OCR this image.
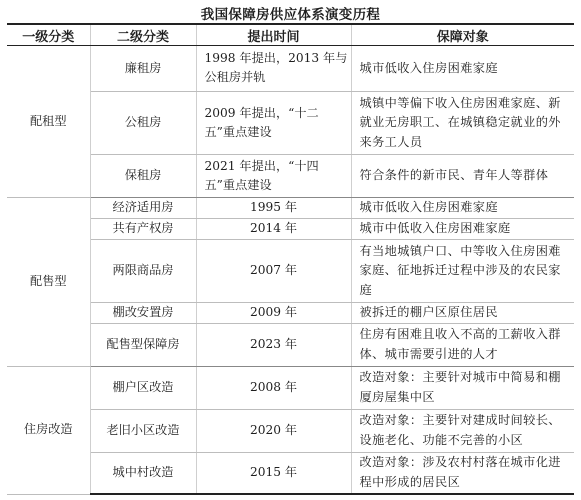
我国保障房供应体系演变历程
一级分类	二级分类	提出时间	保障对象
配租型	廉租房	1998 年提出，2013 年与公租房并轨	城市低收入住房困难家庭
	公租房	2009 年提出，“十二五”重点建设	城镇中等偏下收入住房困难家庭、新就业无房职工、在城镇稳定就业的外来务工人员
	保租房	2021 年提出，“十四五”重点建设	符合条件的新市民、青年人等群体
配售型	经济适用房	1995 年	城市低收入住房困难家庭
	共有产权房	2014 年	城市中低收入住房困难家庭
	两限商品房	2007 年	有当地城镇户口、中等收入住房困难家庭、征地拆迁过程中涉及的农民家庭
	棚改安置房	2009 年	被拆迁的棚户区原住居民
	配售型保障房	2023 年	住房有困难且收入不高的工薪收入群体、城市需要引进的人才
住房改造	棚户区改造	2008 年	改造对象：主要针对城市中简易和棚厦房屋集中区
	老旧小区改造	2020 年	改造对象：主要针对建成时间较长、设施老化、功能不完善的小区
	城中村改造	2015 年	改造对象：涉及农村村落在城市化进程中形成的居民区
